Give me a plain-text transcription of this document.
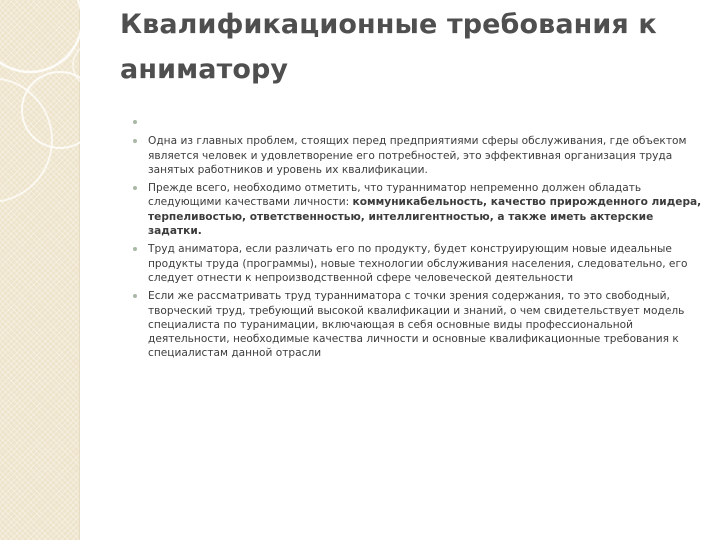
Квалификационные требования к аниматору
Одна из главных проблем, стоящих перед предприятиями сферы обслуживания, где объектом является человек и удовлетворение его потребностей, это эффективная организация труда занятых работников и уровень их квалификации.
Прежде всего, необходимо отметить, что туранниматор непременно должен обладать следующими качествами личности: коммуникабельность, качество прирожденного лидера, терпеливостью, ответственностью, интеллигентностью, а также иметь актерские задатки.
Труд аниматора, если различать его по продукту, будет конструирующим новые идеальные продукты труда (программы), новые технологии обслуживания населения, следовательно, его следует отнести к непроизводственной сфере человеческой деятельности
Если же рассматривать труд туранниматора с точки зрения содержания, то это свободный, творческий труд, требующий высокой квалификации и знаний, о чем свидетельствует модель специалиста по туранимации, включающая в себя основные виды профессиональной деятельности, необходимые качества личности и основные квалификационные требования к специалистам данной отрасли
